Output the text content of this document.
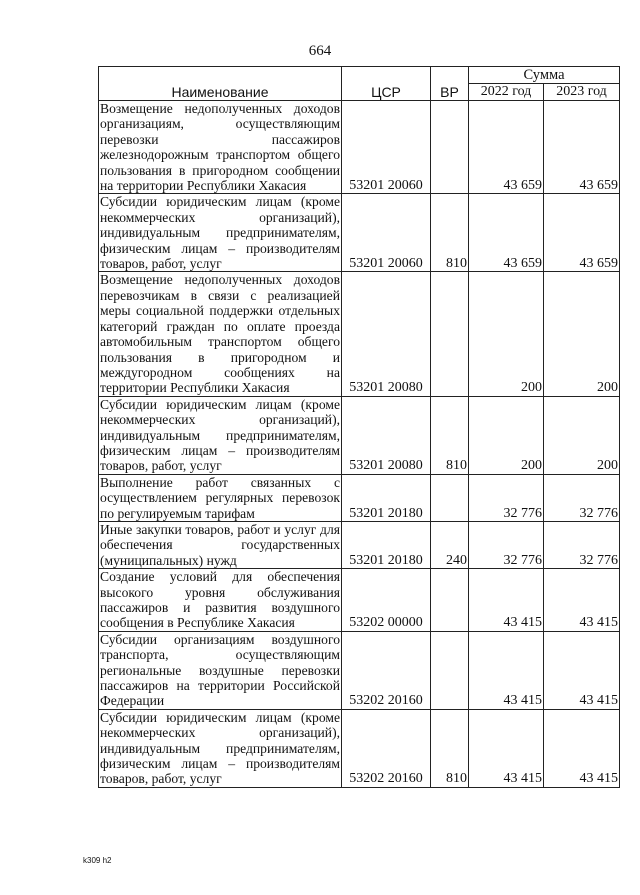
664
Наименование	ЦСР	ВР	Сумма	
			2022 год	2023 год
Возмещение недополученных доходов организациям, осуществляющим перевозки пассажиров железнодорожным транспортом общего пользования в пригородном сообщении на территории Республики Хакасия	53201 20060		43 659	43 659
Субсидии юридическим лицам (кроме некоммерческих организаций), индивидуальным предпринимателям, физическим лицам – производителям товаров, работ, услуг	53201 20060	810	43 659	43 659
Возмещение недополученных доходов перевозчикам в связи с реализацией меры социальной поддержки отдельных категорий граждан по оплате проезда автомобильным транспортом общего пользования в пригородном и междугородном сообщениях на территории Республики Хакасия	53201 20080		200	200
Субсидии юридическим лицам (кроме некоммерческих организаций), индивидуальным предпринимателям, физическим лицам – производителям товаров, работ, услуг	53201 20080	810	200	200
Выполнение работ связанных с осуществлением регулярных перевозок по регулируемым тарифам	53201 20180		32 776	32 776
Иные закупки товаров, работ и услуг для обеспечения государственных (муниципальных) нужд	53201 20180	240	32 776	32 776
Создание условий для обеспечения высокого уровня обслуживания пассажиров и развития воздушного сообщения в Республике Хакасия	53202 00000		43 415	43 415
Субсидии организациям воздушного транспорта, осуществляющим региональные воздушные перевозки пассажиров на территории Российской Федерации	53202 20160		43 415	43 415
Субсидии юридическим лицам (кроме некоммерческих организаций), индивидуальным предпринимателям, физическим лицам – производителям товаров, работ, услуг	53202 20160	810	43 415	43 415
k309 h2
